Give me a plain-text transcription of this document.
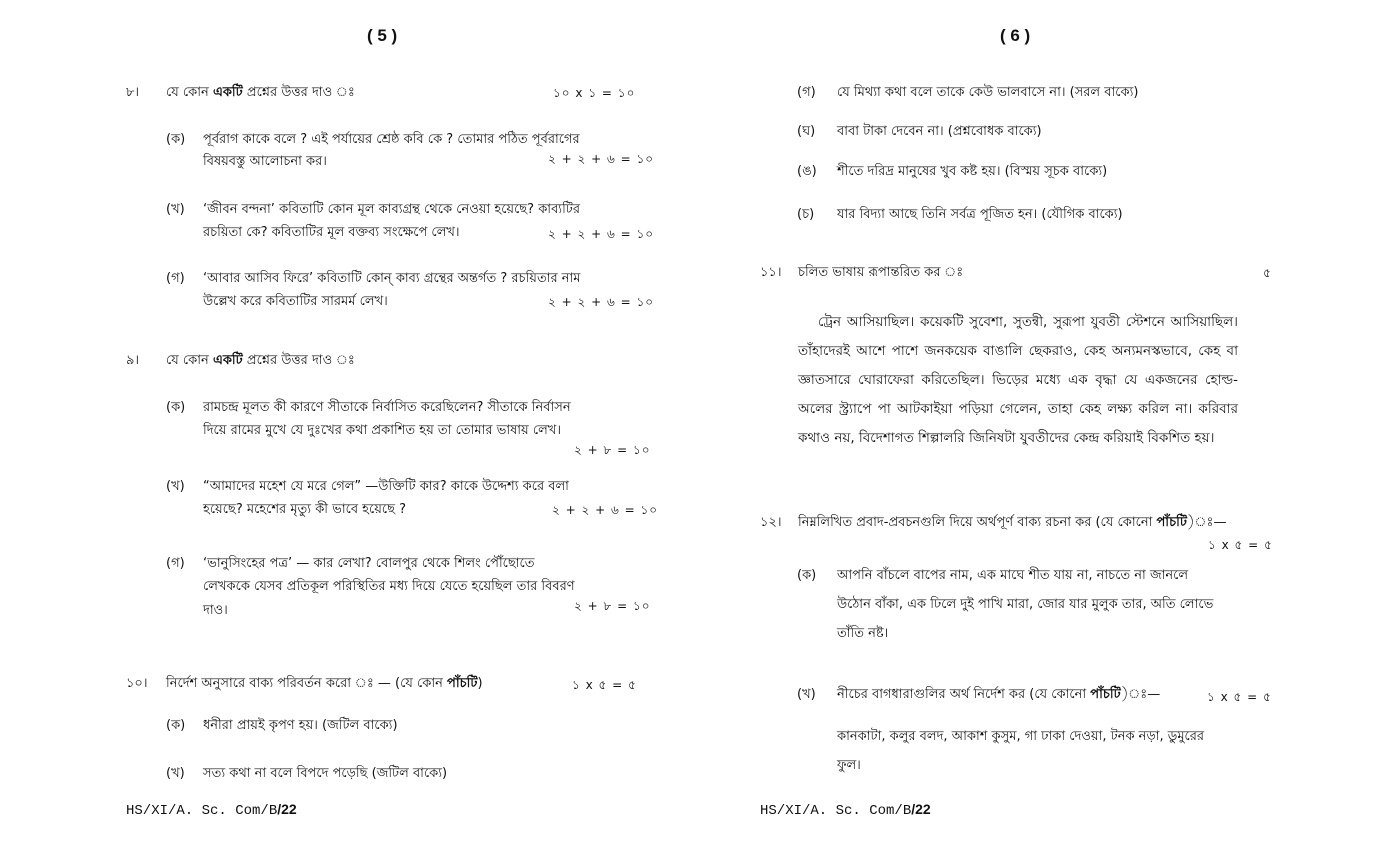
( 5 )
৮। যে কোন একটি প্রশ্নের উত্তর দাও ঃ	১০ x ১ = ১০
(ক) পূর্বরাগ কাকে বলে ? এই পর্যায়ের শ্রেষ্ঠ কবি কে ? তোমার পঠিত পূর্বরাগের
বিষয়বস্তু আলোচনা কর।	২ + ২ + ৬ = ১০
(খ) ‘জীবন বন্দনা’ কবিতাটি কোন মূল কাব্যগ্রন্থ থেকে নেওয়া হয়েছে? কাব্যটির
রচয়িতা কে? কবিতাটির মূল বক্তব্য সংক্ষেপে লেখ।	২ + ২ + ৬ = ১০
(গ) ‘আবার আসিব ফিরে’ কবিতাটি কোন্ কাব্য গ্রন্থের অন্তর্গত ? রচয়িতার নাম
উল্লেখ করে কবিতাটির সারমর্ম লেখ।	২ + ২ + ৬ = ১০
৯। যে কোন একটি প্রশ্নের উত্তর দাও ঃ
(ক) রামচন্দ্র মূলত কী কারণে সীতাকে নির্বাসিত করেছিলেন? সীতাকে নির্বাসন
দিয়ে রামের মুখে যে দুঃখের কথা প্রকাশিত হয় তা তোমার ভাষায় লেখ।
২ + ৮ = ১০
(খ) “আমাদের মহেশ যে মরে গেল” —উক্তিটি কার? কাকে উদ্দেশ্য করে বলা
হয়েছে? মহেশের মৃত্যু কী ভাবে হয়েছে ?	২ + ২ + ৬ = ১০
(গ) ‘ভানুসিংহের পত্র’ — কার লেখা? বোলপুর থেকে শিলং পৌঁছোতে
লেখককে যেসব প্রতিকূল পরিস্থিতির মধ্য দিয়ে যেতে হয়েছিল তার বিবরণ
দাও।	২ + ৮ = ১০
১০। নির্দেশ অনুসারে বাক্য পরিবর্তন করো ঃ — (যে কোন পাঁচটি)	১ x ৫ = ৫
(ক) ধনীরা প্রায়ই কৃপণ হয়। (জটিল বাক্যে)
(খ) সত্য কথা না বলে বিপদে পড়েছি (জটিল বাক্যে)
HS/XI/A. Sc. Com/B/22
( 6 )
(গ) যে মিথ্যা কথা বলে তাকে কেউ ভালবাসে না। (সরল বাক্যে)
(ঘ) বাবা টাকা দেবেন না। (প্রশ্নবোধক বাক্যে)
(ঙ) শীতে দরিদ্র মানুষের খুব কষ্ট হয়। (বিস্ময় সূচক বাক্যে)
(চ) যার বিদ্যা আছে তিনি সর্বত্র পূজিত হন। (যৌগিক বাক্যে)
১১। চলিত ভাষায় রূপান্তরিত কর ঃ	৫
ট্রেন আসিয়াছিল। কয়েকটি সুবেশা, সুতন্বী, সুরূপা যুবতী স্টেশনে আসিয়াছিল। তাঁহাদেরই আশে পাশে জনকয়েক বাঙালি ছেকরাও, কেহ অন্যমনস্কভাবে, কেহ বা জ্ঞাতসারে ঘোরাফেরা করিতেছিল। ভিড়ের মধ্যে এক বৃদ্ধা যে একজনের হোল্ড-অলের স্ট্র্যাপে পা আটকাইয়া পড়িয়া গেলেন, তাহা কেহ লক্ষ্য করিল না। করিবার কথাও নয়, বিদেশাগত শিল্পালরি জিনিষটা যুবতীদের কেন্দ্র করিয়াই বিকশিত হয়।
১২। নিম্নলিখিত প্রবাদ-প্রবচনগুলি দিয়ে অর্থপূর্ণ বাক্য রচনা কর (যে কোনো পাঁচটি)ঃ—
১ x ৫ = ৫
(ক) আপনি বাঁচলে বাপের নাম, এক মাঘে শীত যায় না, নাচতে না জানলে
উঠোন বাঁকা, এক ঢিলে দুই পাখি মারা, জোর যার মুলুক তার, অতি লোভে
তাঁতি নষ্ট।
(খ) নীচের বাগধারাগুলির অর্থ নির্দেশ কর (যে কোনো পাঁচটি)ঃ—	১ x ৫ = ৫
কানকাটা, কলুর বলদ, আকাশ কুসুম, গা ঢাকা দেওয়া, টনক নড়া, ডুমুরের
ফুল।
HS/XI/A. Sc. Com/B/22
